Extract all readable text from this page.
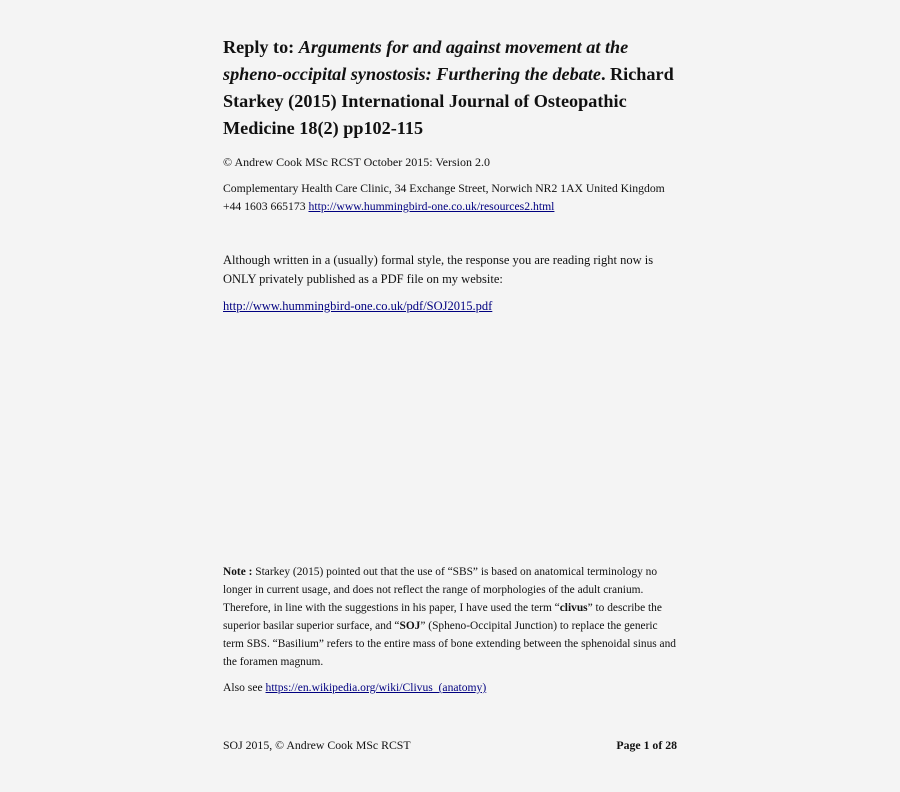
Reply to: Arguments for and against movement at the spheno-occipital synostosis: Furthering the debate. Richard Starkey (2015) International Journal of Osteopathic Medicine 18(2) pp102-115
© Andrew Cook MSc RCST October 2015: Version 2.0
Complementary Health Care Clinic, 34 Exchange Street, Norwich NR2 1AX United Kingdom
+44 1603 665173 http://www.hummingbird-one.co.uk/resources2.html
Although written in a (usually) formal style, the response you are reading right now is ONLY privately published as a PDF file on my website:
http://www.hummingbird-one.co.uk/pdf/SOJ2015.pdf
Note : Starkey (2015) pointed out that the use of “SBS” is based on anatomical terminology no longer in current usage, and does not reflect the range of morphologies of the adult cranium. Therefore, in line with the suggestions in his paper, I have used the term “clivus” to describe the superior basilar superior surface, and “SOJ” (Spheno-Occipital Junction) to replace the generic term SBS. “Basilium” refers to the entire mass of bone extending between the sphenoidal sinus and the foramen magnum.
Also see https://en.wikipedia.org/wiki/Clivus_(anatomy)
SOJ 2015, © Andrew Cook MSc RCST	Page 1 of 28
